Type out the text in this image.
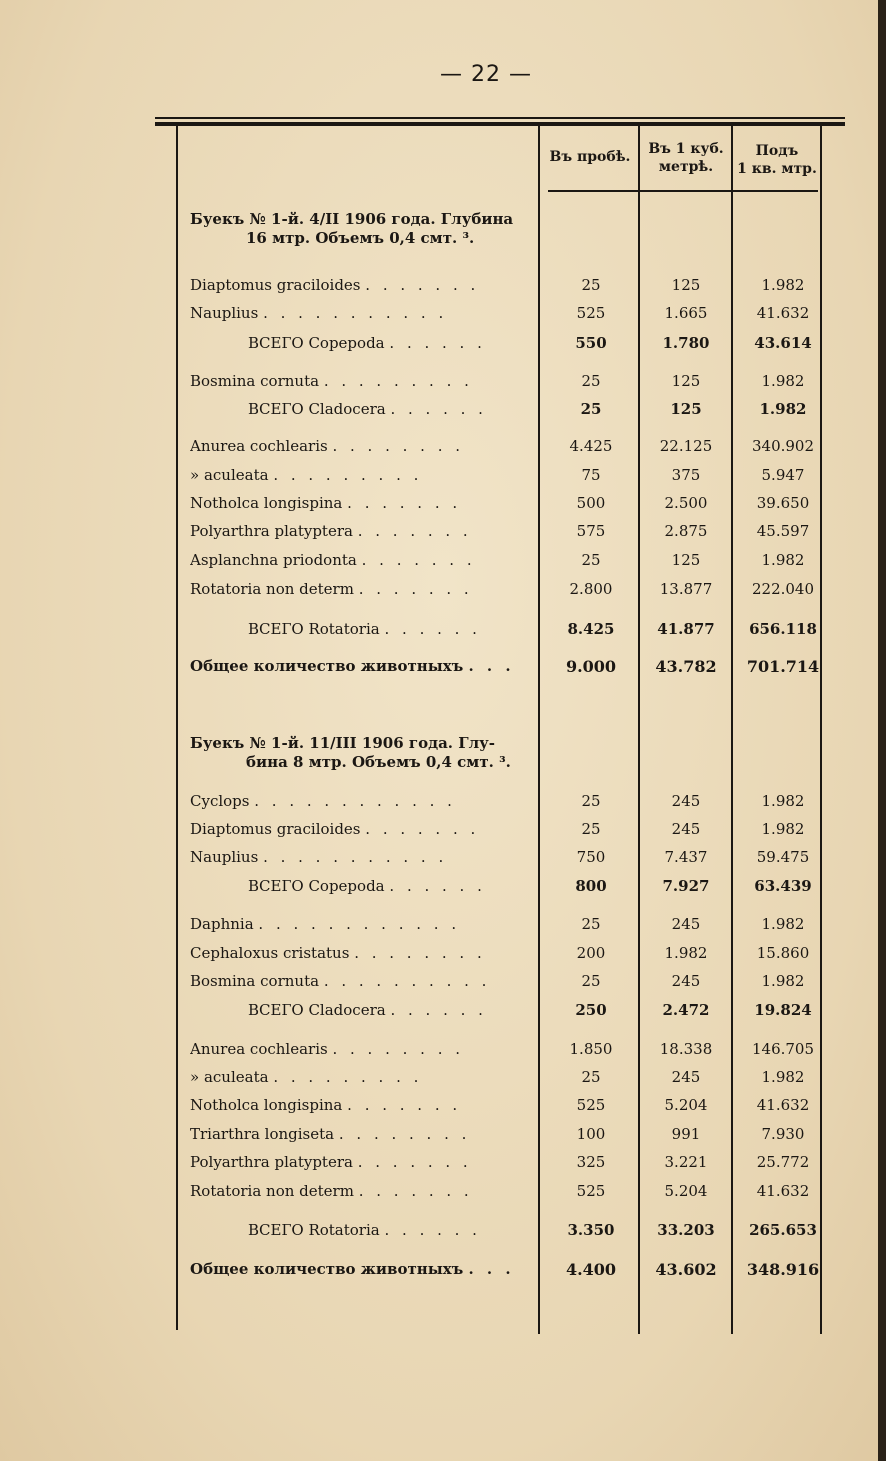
— 22 —
Въ пробѣ.	Въ 1 куб.
метрѣ.
Подъ
1 кв. мтр.
Буекъ № 1-й. 4/II 1906 года. Глубина
16 мтр. Объемъ 0,4 смт. ³.
Буекъ № 1-й. 11/III 1906 года. Глу-
бина 8 мтр. Объемъ 0,4 смт. ³.
Diaptomus graciloides . . . . . . .	25	125	1.982
Nauplius . . . . . . . . . . .	525	1.665	41.632
ВСЕГО Copepoda . . . . . .	550	1.780	43.614
Bosmina cornuta . . . . . . . . .	25	125	1.982
ВСЕГО Cladocera . . . . . .	25	125	1.982
Anurea cochlearis . . . . . . . .	4.425	22.125	340.902
» aculeata . . . . . . . . .	75	375	5.947
Notholca longispina . . . . . . .	500	2.500	39.650
Polyarthra platyptera . . . . . . .	575	2.875	45.597
Asplanchna priodonta . . . . . . .	25	125	1.982
Rotatoria non determ . . . . . . .	2.800	13.877	222.040
ВСЕГО Rotatoria . . . . . .	8.425	41.877	656.118
Общее количество животныхъ . . .	9.000	43.782	701.714
Cyclops . . . . . . . . . . . .	25	245	1.982
Diaptomus graciloides . . . . . . .	25	245	1.982
Nauplius . . . . . . . . . . .	750	7.437	59.475
ВСЕГО Copepoda . . . . . .	800	7.927	63.439
Daphnia . . . . . . . . . . . .	25	245	1.982
Cephaloxus cristatus . . . . . . . .	200	1.982	15.860
Bosmina cornuta . . . . . . . . . .	25	245	1.982
ВСЕГО Cladocera . . . . . .	250	2.472	19.824
Anurea cochlearis . . . . . . . .	1.850	18.338	146.705
» aculeata . . . . . . . . .	25	245	1.982
Notholca longispina . . . . . . .	525	5.204	41.632
Triarthra longiseta . . . . . . . .	100	991	7.930
Polyarthra platyptera . . . . . . .	325	3.221	25.772
Rotatoria non determ . . . . . . .	525	5.204	41.632
ВСЕГО Rotatoria . . . . . .	3.350	33.203	265.653
Общее количество животныхъ . . .	4.400	43.602	348.916
